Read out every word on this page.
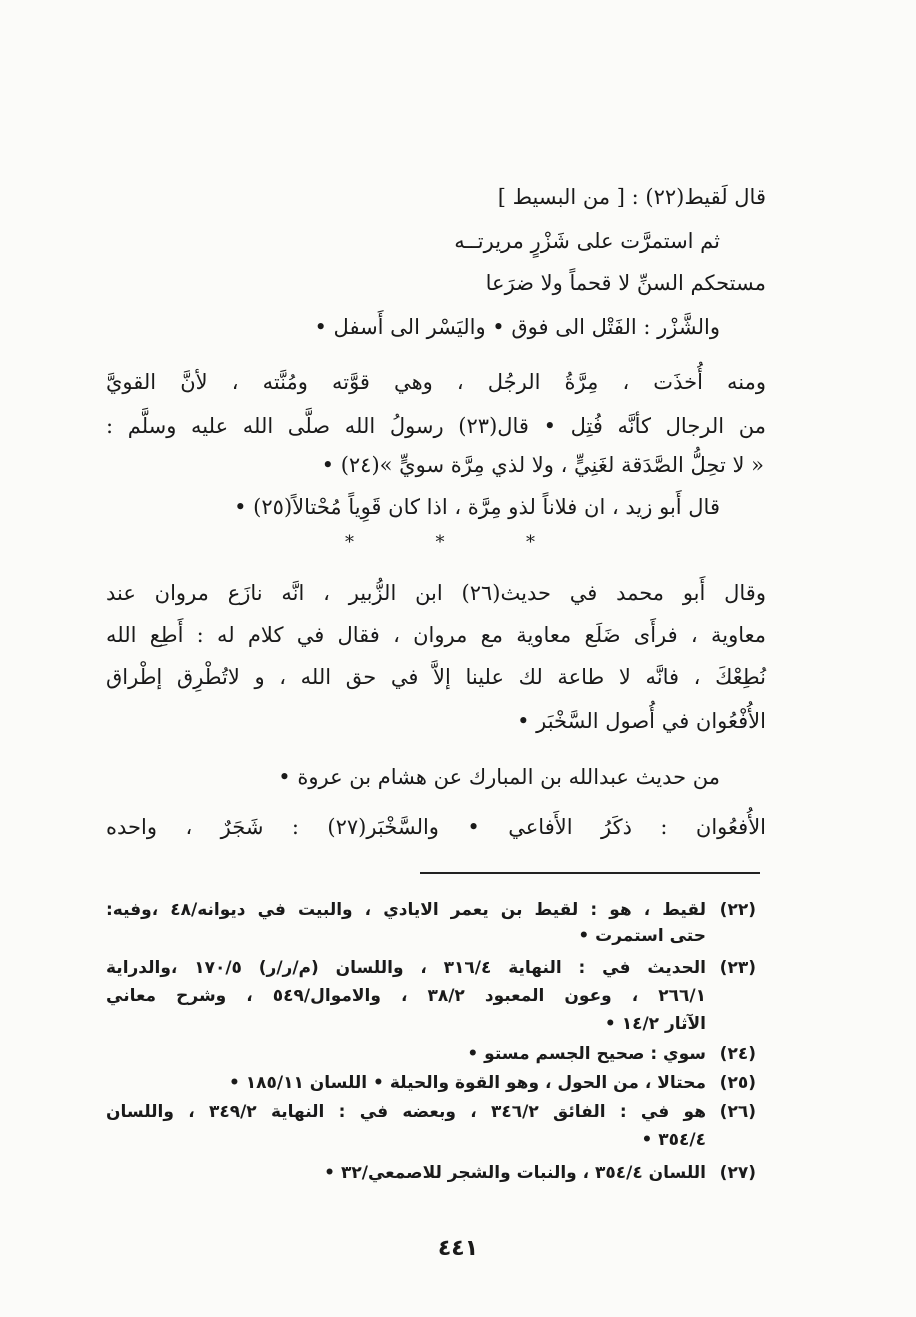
قال لَقيط(٢٢) : [ من البسيط ]
ثم استمرَّت على شَزْرٍ مريرتــه
مستحكم السنِّ لا قحماً ولا ضرَعا
والشَّزْر : الفَتْل الى فوق • واليَسْر الى أَسفل •
ومنه أُخذَت ، مِرَّةُ الرجُل ، وهي قوَّته ومُنَّته ، لأنَّ القويَّ
من الرجال كأنَّه فُتِل • قال(٢٣) رسولُ الله صلَّى الله عليه وسلَّم :
« لا تحِلُّ الصَّدَقة لغَنِيٍّ ، ولا لذي مِرَّة سويٍّ »(٢٤) •
قال أَبو زيد ، ان فلاناً لذو مِرَّة ، اذا كان قَوِياً مُحْتالاً(٢٥) •
*	*	*
وقال أَبو محمد في حديث(٢٦) ابن الزُّبير ، انَّه نازَع مروان عند
معاوية ، فرأَى ضَلَع معاوية مع مروان ، فقال في كلام له : أَطِع الله
نُطِعْكَ ، فانَّه لا طاعة لك علينا إلاَّ في حق الله ، و لاتُطْرِق إطْراق
الأُفْعُوان في أُصول السَّخْبَر •
من حديث عبدالله بن المبارك عن هشام بن عروة •
الأُفعُوان : ذكَرُ الأَفاعي • والسَّخْبَر(٢٧) : شَجَرٌ ، واحده
(٢٢)
لقيط ، هو : لقيط بن يعمر الايادي ، والبيت في ديوانه/٤٨ ،وفيه:
حتى استمرت •
(٢٣)
الحديث في : النهاية ٣١٦/٤ ، واللسان (م/ر/ر) ١٧٠/٥ ،والدراية
٢٦٦/١ ، وعون المعبود ٣٨/٢ ، والاموال/٥٤٩ ، وشرح معاني
الآثار ١٤/٢ •
(٢٤)
سوي : صحيح الجسم مستو •
(٢٥)
محتالا ، من الحول ، وهو القوة والحيلة • اللسان ١٨٥/١١ •
(٢٦)
هو في : الفائق ٣٤٦/٢ ، وبعضه في : النهاية ٣٤٩/٢ ، واللسان
٣٥٤/٤ •
(٢٧)
اللسان ٣٥٤/٤ ، والنبات والشجر للاصمعي/٣٢ •
٤٤١
